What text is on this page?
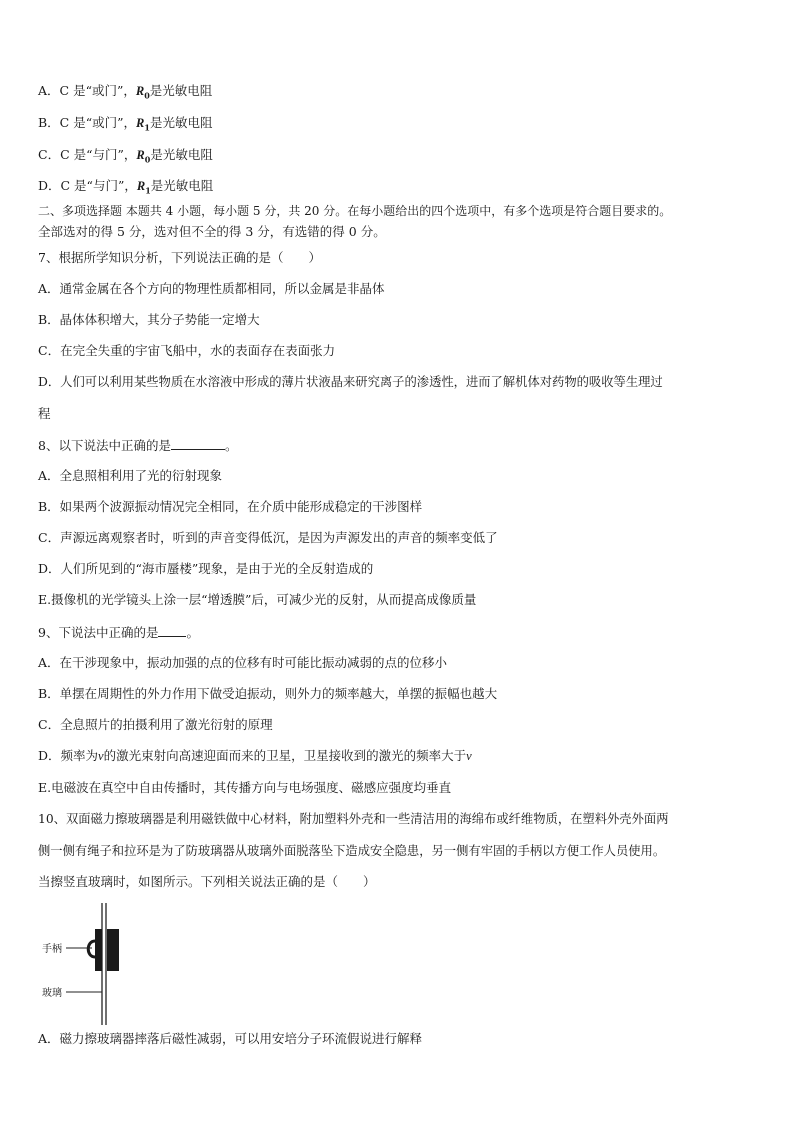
A．C 是“或门”，$R_0$是光敏电阻
B．C 是“或门”，$R_1$是光敏电阻
C．C 是“与门”，$R_0$是光敏电阻
D．C 是“与门”，$R_1$是光敏电阻
二、多项选择题 本题共 4 小题，每小题 5 分，共 20 分。在每小题给出的四个选项中，有多个选项是符合题目要求的。
全部选对的得 5 分，选对但不全的得 3 分，有选错的得 0 分。
7、根据所学知识分析，下列说法正确的是（　　）
A．通常金属在各个方向的物理性质都相同，所以金属是非晶体
B．晶体体积增大，其分子势能一定增大
C．在完全失重的宇宙飞船中，水的表面存在表面张力
D．人们可以利用某些物质在水溶液中形成的薄片状液晶来研究离子的渗透性，进而了解机体对药物的吸收等生理过
程
8、以下说法中正确的是	。
A．全息照相利用了光的衍射现象
B．如果两个波源振动情况完全相同，在介质中能形成稳定的干涉图样
C．声源远离观察者时，听到的声音变得低沉，是因为声源发出的声音的频率变低了
D．人们所见到的“海市蜃楼”现象，是由于光的全反射造成的
E.摄像机的光学镜头上涂一层“增透膜”后，可减少光的反射，从而提高成像质量
9、下说法中正确的是 。
A．在干涉现象中，振动加强的点的位移有时可能比振动减弱的点的位移小
B．单摆在周期性的外力作用下做受迫振动，则外力的频率越大，单摆的振幅也越大
C．全息照片的拍摄利用了激光衍射的原理
D．频率为ν的激光束射向高速迎面而来的卫星，卫星接收到的激光的频率大于ν
E.电磁波在真空中自由传播时，其传播方向与电场强度、磁感应强度均垂直
10、双面磁力擦玻璃器是利用磁铁做中心材料，附加塑料外壳和一些清洁用的海绵布或纤维物质，在塑料外壳外面两
侧一侧有绳子和拉环是为了防玻璃器从玻璃外面脱落坠下造成安全隐患，另一侧有牢固的手柄以方便工作人员使用。
当擦竖直玻璃时，如图所示。下列相关说法正确的是（　　）
手柄
玻璃
A．磁力擦玻璃器摔落后磁性减弱，可以用安培分子环流假说进行解释
